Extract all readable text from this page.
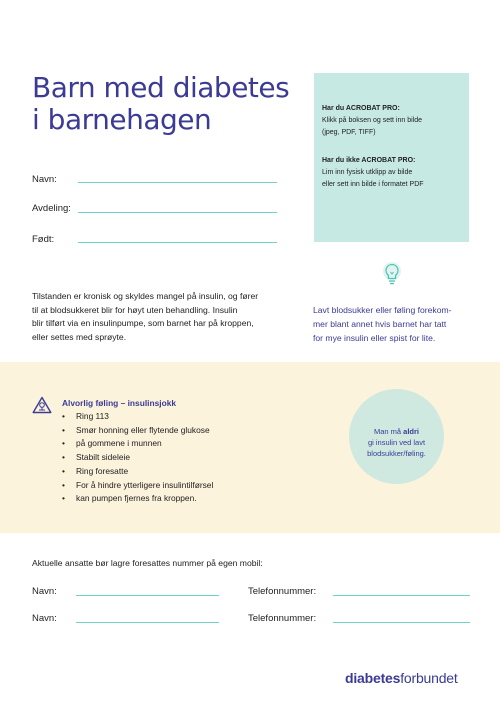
Barn med diabetes
i barnehagen
Navn:
Avdeling:
Født:
Har du ACROBAT PRO:
Klikk på boksen og sett inn bilde
(jpeg, PDF, TIFF)
Har du ikke ACROBAT PRO:
Lim inn fysisk utklipp av bilde
eller sett inn bilde i formatet PDF
Lavt blodsukker eller føling forekom-
mer blant annet hvis barnet har tatt
for mye insulin eller spist for lite.
Tilstanden er kronisk og skyldes mangel på insulin, og fører
til at blodsukkeret blir for høyt uten behandling. Insulin
blir tilført via en insulinpumpe, som barnet har på kroppen,
eller settes med sprøyte.
Alvorlig føling – insulinsjokk
• Ring 113
• Smør honning eller flytende glukose
• på gommene i munnen
• Stabilt sideleie
• Ring foresatte
• For å hindre ytterligere insulintilførsel
• kan pumpen fjernes fra kroppen.
Man må aldri
gi insulin ved lavt
blodsukker/føling.
Aktuelle ansatte bør lagre foresattes nummer på egen mobil:
Navn:	Telefonnummer:
Navn:	Telefonnummer:
diabetesforbundet
